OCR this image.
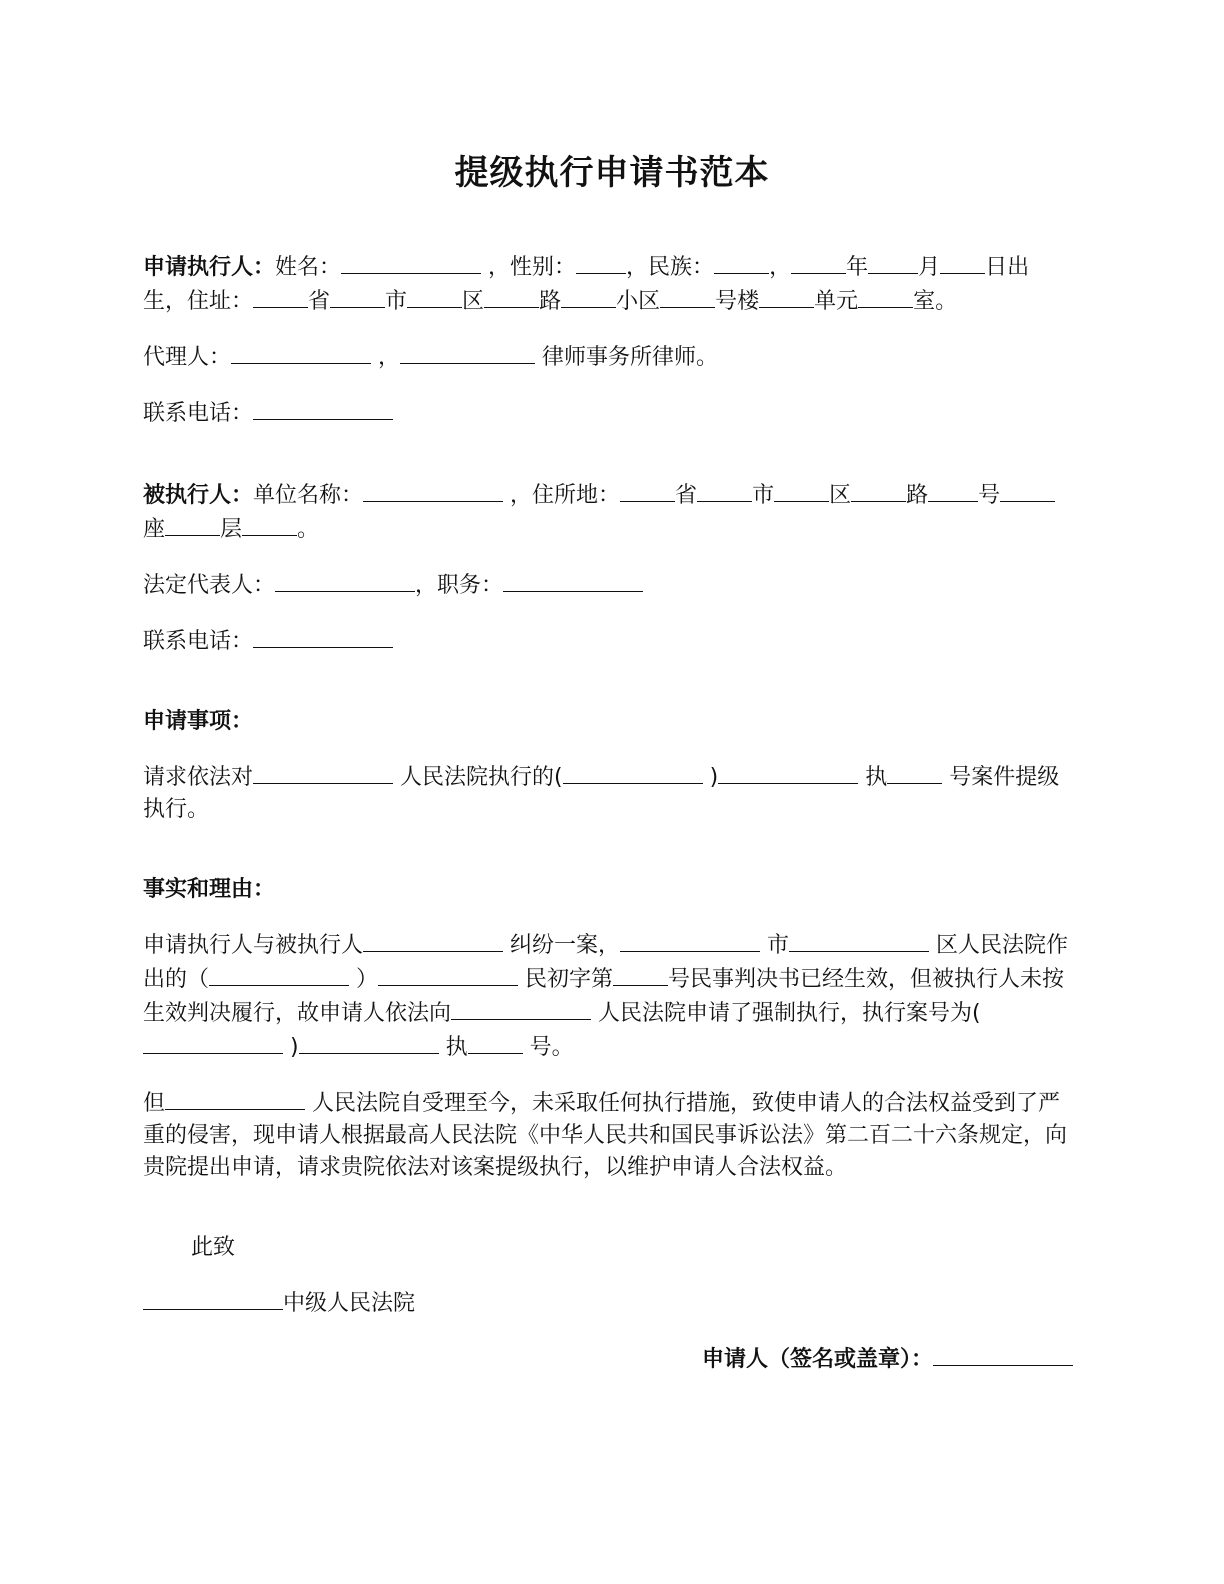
提级执行申请书范本

申请执行人：姓名：	，性别： ，民族：	，	年 月 日出生，住址：	省	市	区	路	小区	号楼	单元	室。

代理人：	，	律师事务所律师。

联系电话：

被执行人：单位名称：	，住所地：	省	市	区	路 号座	层	。

法定代表人：	，职务：

联系电话：

申请事项：

请求依法对	人民法院执行的(	)	执	号案件提级执行。

事实和理由：

申请执行人与被执行人	纠纷一案，	市	区人民法院作出的（	）	民初字第	号民事判决书已经生效，但被执行人未按生效判决履行，故申请人依法向	人民法院申请了强制执行，执行案号为( )	执	号。

但	人民法院自受理至今，未采取任何执行措施，致使申请人的合法权益受到了严重的侵害，现申请人根据最高人民法院《中华人民共和国民事诉讼法》第二百二十六条规定，向贵院提出申请，请求贵院依法对该案提级执行，以维护申请人合法权益。

此致

中级人民法院

申请人（签名或盖章）：
